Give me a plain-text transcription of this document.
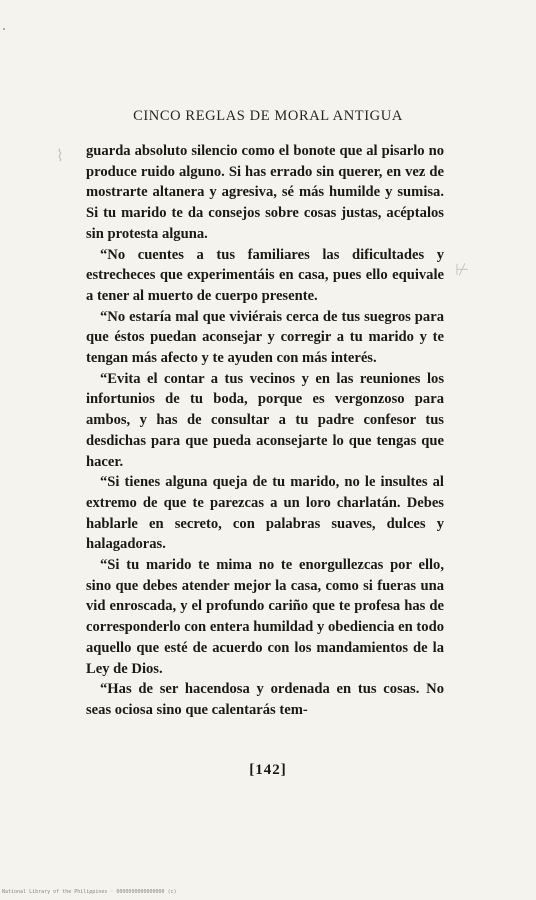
CINCO REGLAS DE MORAL ANTIGUA
⌇
⊬

guarda absoluto silencio como el bonote que al pisarlo no produce ruido alguno. Si has errado sin querer, en vez de mostrarte altanera y agresiva, sé más humilde y sumisa. Si tu marido te da consejos sobre cosas justas, acéptalos sin protesta alguna.

“No cuentes a tus familiares las dificultades y estrecheces que experimentáis en casa, pues ello equivale a tener al muerto de cuerpo presente.

“No estaría mal que viviérais cerca de tus suegros para que éstos puedan aconsejar y corregir a tu marido y te tengan más afecto y te ayuden con más interés.

“Evita el contar a tus vecinos y en las reuniones los infortunios de tu boda, porque es vergonzoso para ambos, y has de consultar a tu padre confesor tus desdichas para que pueda aconsejarte lo que tengas que hacer.

“Si tienes alguna queja de tu marido, no le insultes al extremo de que te parezcas a un loro charlatán. Debes hablarle en secreto, con palabras suaves, dulces y halagadoras.

“Si tu marido te mima no te enorgullezcas por ello, sino que debes atender mejor la casa, como si fueras una vid enroscada, y el profundo cariño que te profesa has de corresponderlo con entera humildad y obediencia en todo aquello que esté de acuerdo con los mandamientos de la Ley de Dios.

“Has de ser hacendosa y ordenada en tus cosas. No seas ociosa sino que calentarás tem-

[142]
National Library of the Philippines · 0000000000000000 (c)
